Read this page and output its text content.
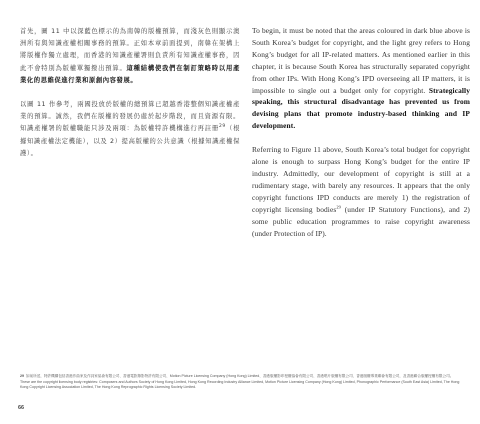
首先，圖 11 中以深藍色標示的為南韓的版權預算，而淺灰色則顯示澳洲所有與知識產權相關事務的預算。正如本章前面提到，南韓在架構上將版權作獨立處理，而香港的知識產權署則負責所有知識產權事務，因此不會特別為版權單獨撥出預算。這種結構使我們在制訂策略時以用產業化的思維促進行業和原創內容發展。

以圖 11 作參考，兩國投放於版權的總預算已超越香港整個知識產權產業的預算。誠然，我們在版權的發展仍處於起步階段，而且資源有限。知識產權署的版權職能只涉及兩項：為版權特許機構進行再註冊$^{29}$（根據知識產權法定機能），以及 2）提高版權的公共意識（根據知識產權保護）。

To begin, it must be noted that the areas coloured in dark blue above is South Korea’s budget for copyright, and the light grey refers to Hong Kong’s budget for all IP-related matters. As mentioned earlier in this chapter, it is because South Korea has structurally separated copyright from other IPs. With Hong Kong’s IPD overseeing all IP matters, it is impossible to single out a budget only for copyright. Strategically speaking, this structural disadvantage has prevented us from devising plans that promote industry-based thinking and IP development.

Referring to Figure 11 above, South Korea’s total budget for copyright alone is enough to surpass Hong Kong’s budget for the entire IP industry. Admittedly, our development of copyright is still at a rudimentary stage, with barely any resources. It appears that the only copyright functions IPD conducts are merely 1) the registration of copyright licensing bodies$^{29}$ (under IP Statutory Functions), and 2) some public education programmes to raise copyright awareness (under Protection of IP).

29 如前所述，特許機構包括香港作曲家及作詞家協會有限公司、香港電影錄影特許有限公司、Motion Picture Licensing Company (Hong Kong) Limited、香港版權影印授權協會有限公司、香港唱片版權有限公司、香港版權專業聯會有限公司，及香港聯合版權授權有限公司。

These are the copyright licensing body registries: Composers and Authors Society of Hong Kong Limited, Hong Kong Recording Industry Alliance Limited, Motion Picture Licensing Company (Hong Kong) Limited, Phonographic Performance (South East Asia) Limited, The Hong Kong Copyright Licensing Association Limited, The Hong Kong Reprographic Rights Licensing Society Limited.

66
